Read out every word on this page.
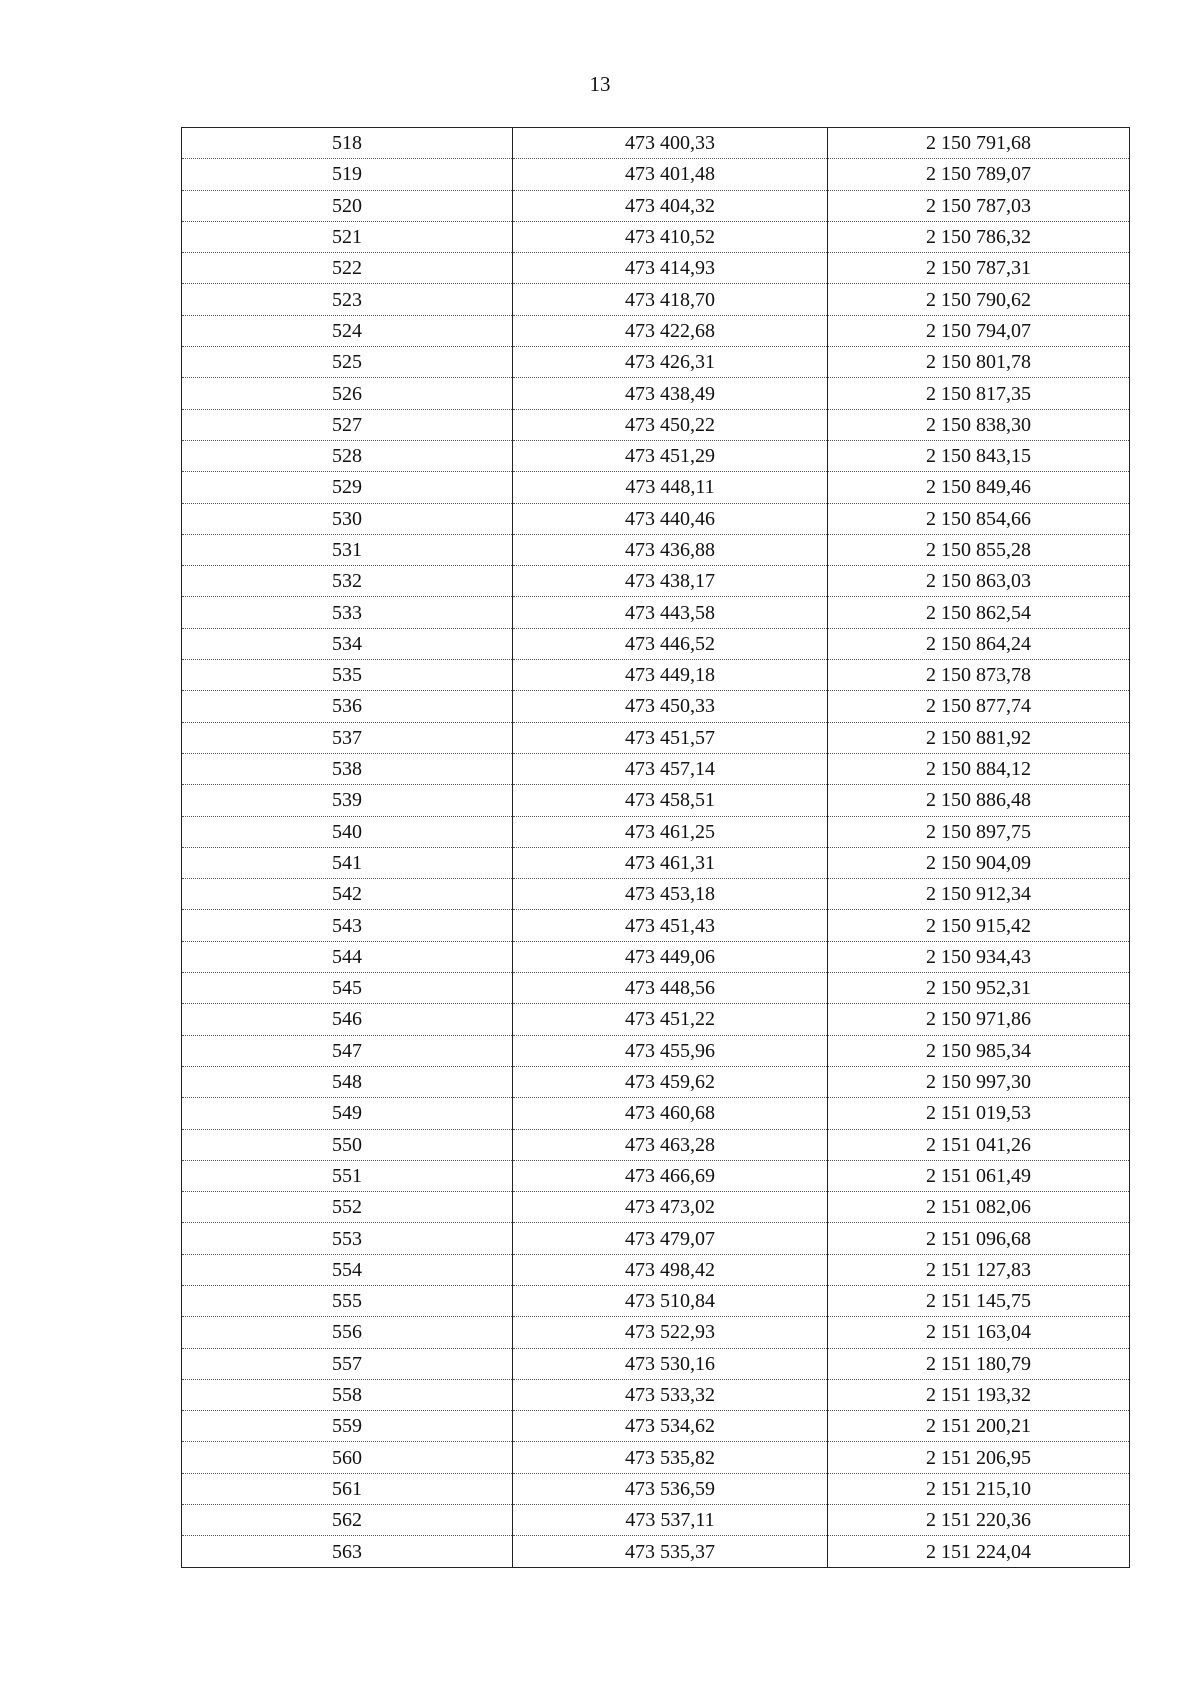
13
518	473 400,33	2 150 791,68
519	473 401,48	2 150 789,07
520	473 404,32	2 150 787,03
521	473 410,52	2 150 786,32
522	473 414,93	2 150 787,31
523	473 418,70	2 150 790,62
524	473 422,68	2 150 794,07
525	473 426,31	2 150 801,78
526	473 438,49	2 150 817,35
527	473 450,22	2 150 838,30
528	473 451,29	2 150 843,15
529	473 448,11	2 150 849,46
530	473 440,46	2 150 854,66
531	473 436,88	2 150 855,28
532	473 438,17	2 150 863,03
533	473 443,58	2 150 862,54
534	473 446,52	2 150 864,24
535	473 449,18	2 150 873,78
536	473 450,33	2 150 877,74
537	473 451,57	2 150 881,92
538	473 457,14	2 150 884,12
539	473 458,51	2 150 886,48
540	473 461,25	2 150 897,75
541	473 461,31	2 150 904,09
542	473 453,18	2 150 912,34
543	473 451,43	2 150 915,42
544	473 449,06	2 150 934,43
545	473 448,56	2 150 952,31
546	473 451,22	2 150 971,86
547	473 455,96	2 150 985,34
548	473 459,62	2 150 997,30
549	473 460,68	2 151 019,53
550	473 463,28	2 151 041,26
551	473 466,69	2 151 061,49
552	473 473,02	2 151 082,06
553	473 479,07	2 151 096,68
554	473 498,42	2 151 127,83
555	473 510,84	2 151 145,75
556	473 522,93	2 151 163,04
557	473 530,16	2 151 180,79
558	473 533,32	2 151 193,32
559	473 534,62	2 151 200,21
560	473 535,82	2 151 206,95
561	473 536,59	2 151 215,10
562	473 537,11	2 151 220,36
563	473 535,37	2 151 224,04
